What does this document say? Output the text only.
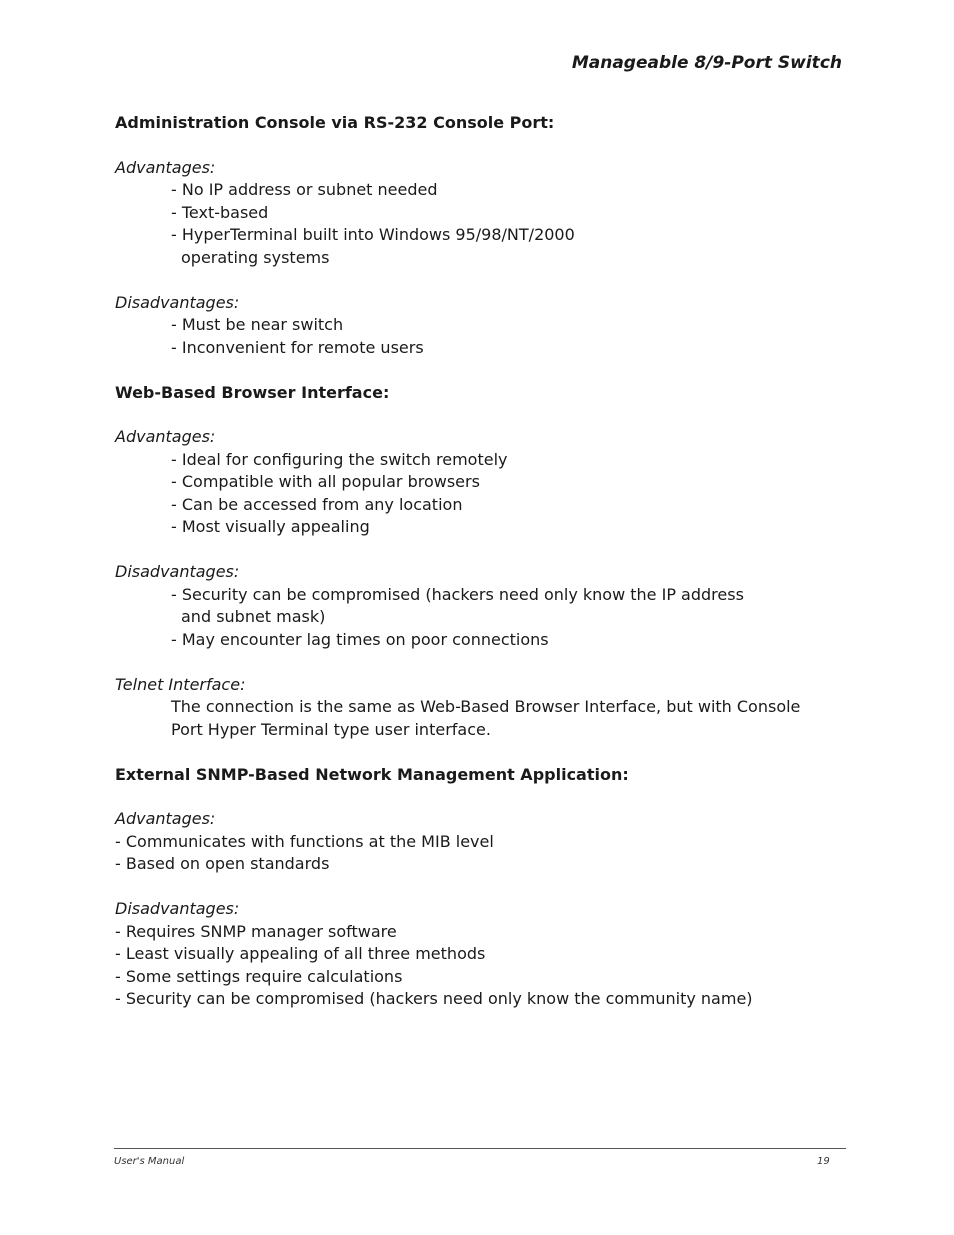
Manageable 8/9-Port Switch

Administration Console via RS-232 Console Port:

Advantages:

- No IP address or subnet needed

- Text-based

- HyperTerminal built into Windows 95/98/NT/2000

operating systems

Disadvantages:

- Must be near switch

- Inconvenient for remote users

Web-Based Browser Interface:

Advantages:

- Ideal for configuring the switch remotely

- Compatible with all popular browsers

- Can be accessed from any location

- Most visually appealing

Disadvantages:

- Security can be compromised (hackers need only know the IP address

and subnet mask)

- May encounter lag times on poor connections

Telnet Interface:

The connection is the same as Web-Based Browser Interface, but with Console

Port Hyper Terminal type user interface.

External SNMP-Based Network Management Application:

Advantages:

- Communicates with functions at the MIB level

- Based on open standards

Disadvantages:

- Requires SNMP manager software

- Least visually appealing of all three methods

- Some settings require calculations

- Security can be compromised (hackers need only know the community name)

User's Manual	19
